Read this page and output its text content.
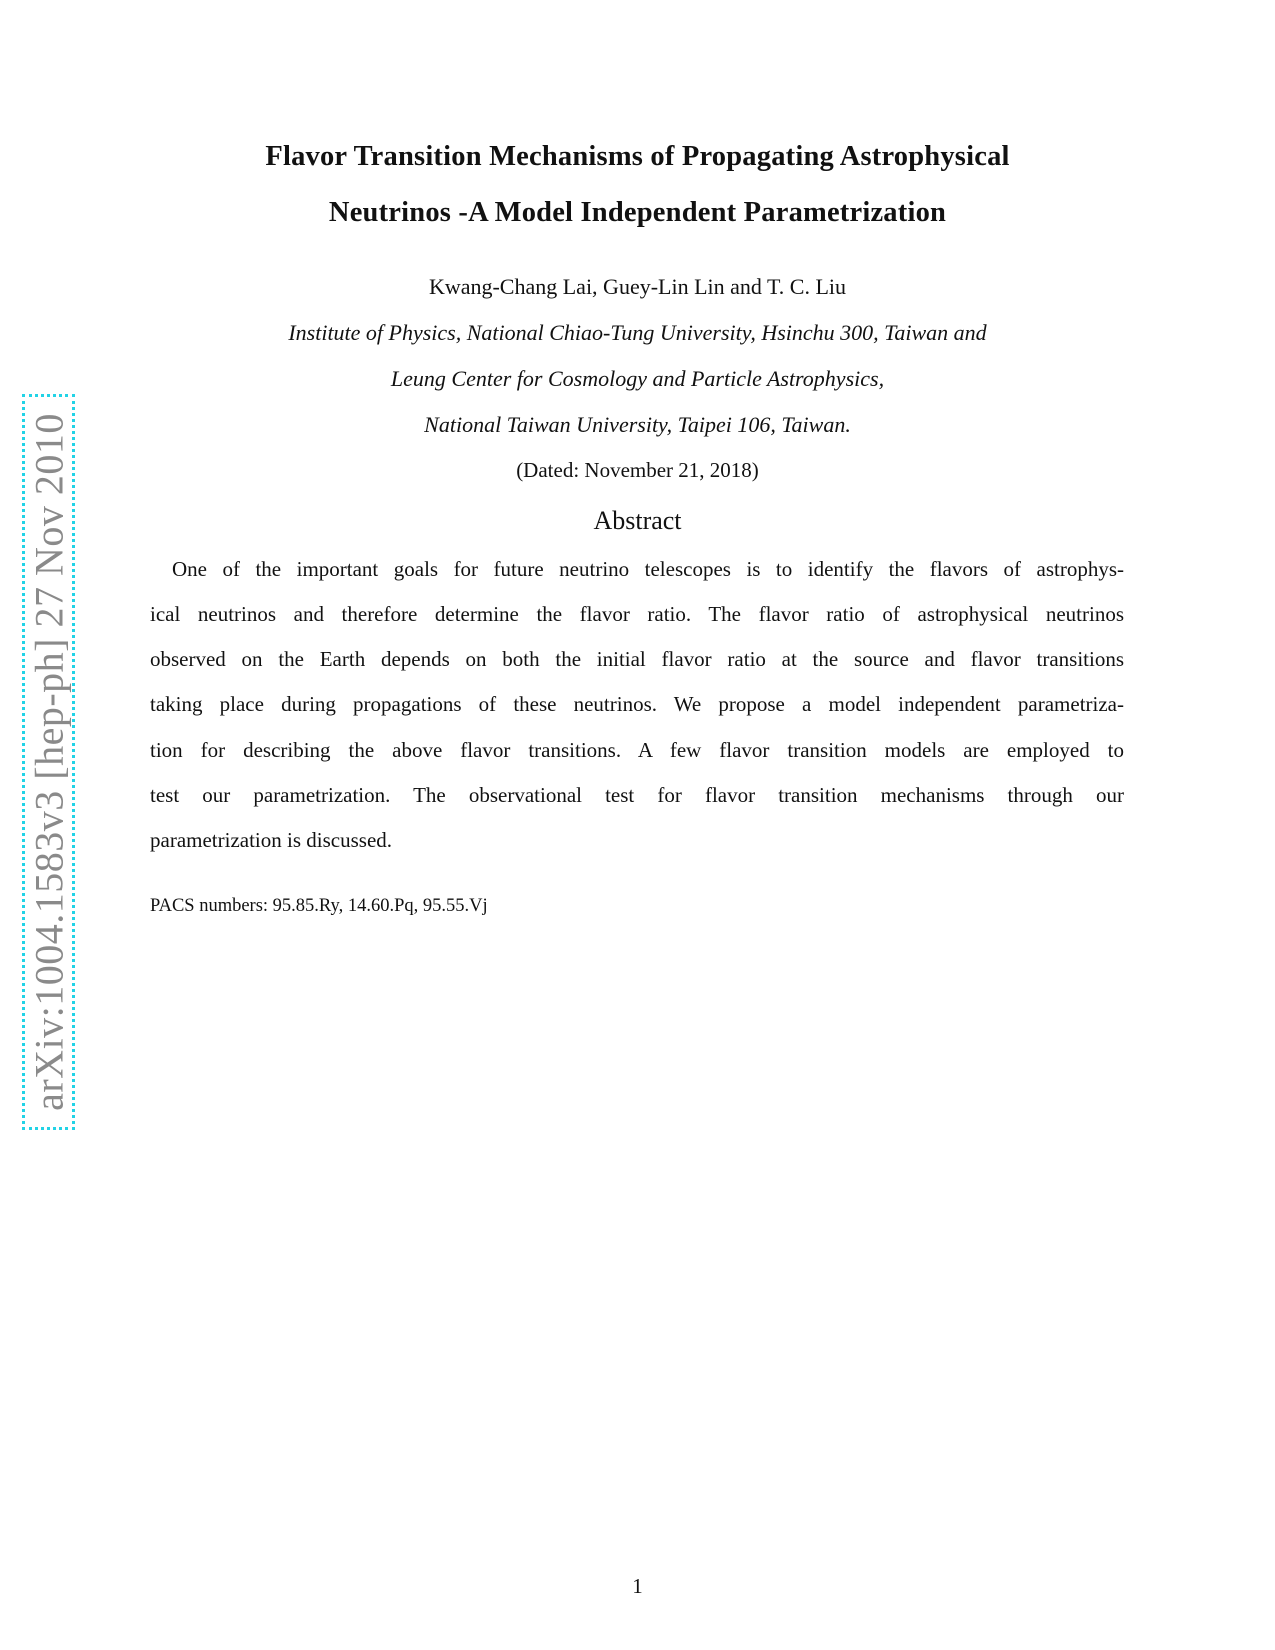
arXiv:1004.1583v3 [hep-ph] 27 Nov 2010
Flavor Transition Mechanisms of Propagating Astrophysical
Neutrinos -A Model Independent Parametrization
Kwang-Chang Lai, Guey-Lin Lin and T. C. Liu
Institute of Physics, National Chiao-Tung University, Hsinchu 300, Taiwan and
Leung Center for Cosmology and Particle Astrophysics,
National Taiwan University, Taipei 106, Taiwan.
(Dated: November 21, 2018)
Abstract
One of the important goals for future neutrino telescopes is to identify the flavors of astrophys-
ical neutrinos and therefore determine the flavor ratio. The flavor ratio of astrophysical neutrinos
observed on the Earth depends on both the initial flavor ratio at the source and flavor transitions
taking place during propagations of these neutrinos. We propose a model independent parametriza-
tion for describing the above flavor transitions. A few flavor transition models are employed to
test our parametrization. The observational test for flavor transition mechanisms through our
parametrization is discussed.
PACS numbers: 95.85.Ry, 14.60.Pq, 95.55.Vj
1
